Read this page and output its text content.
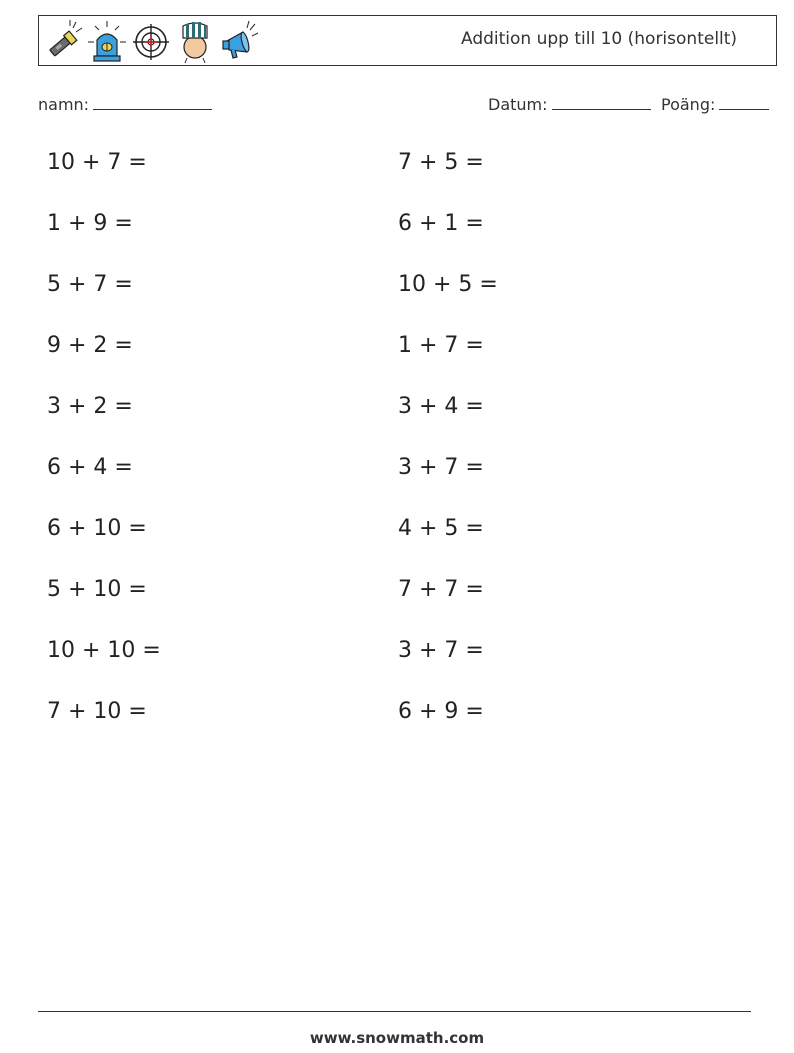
Addition upp till 10 (horisontellt)
namn:	Datum:	Poäng:
10 + 7 =
1 + 9 =
5 + 7 =
9 + 2 =
3 + 2 =
6 + 4 =
6 + 10 =
5 + 10 =
10 + 10 =
7 + 10 =
7 + 5 =
6 + 1 =
10 + 5 =
1 + 7 =
3 + 4 =
3 + 7 =
4 + 5 =
7 + 7 =
3 + 7 =
6 + 9 =
www.snowmath.com
